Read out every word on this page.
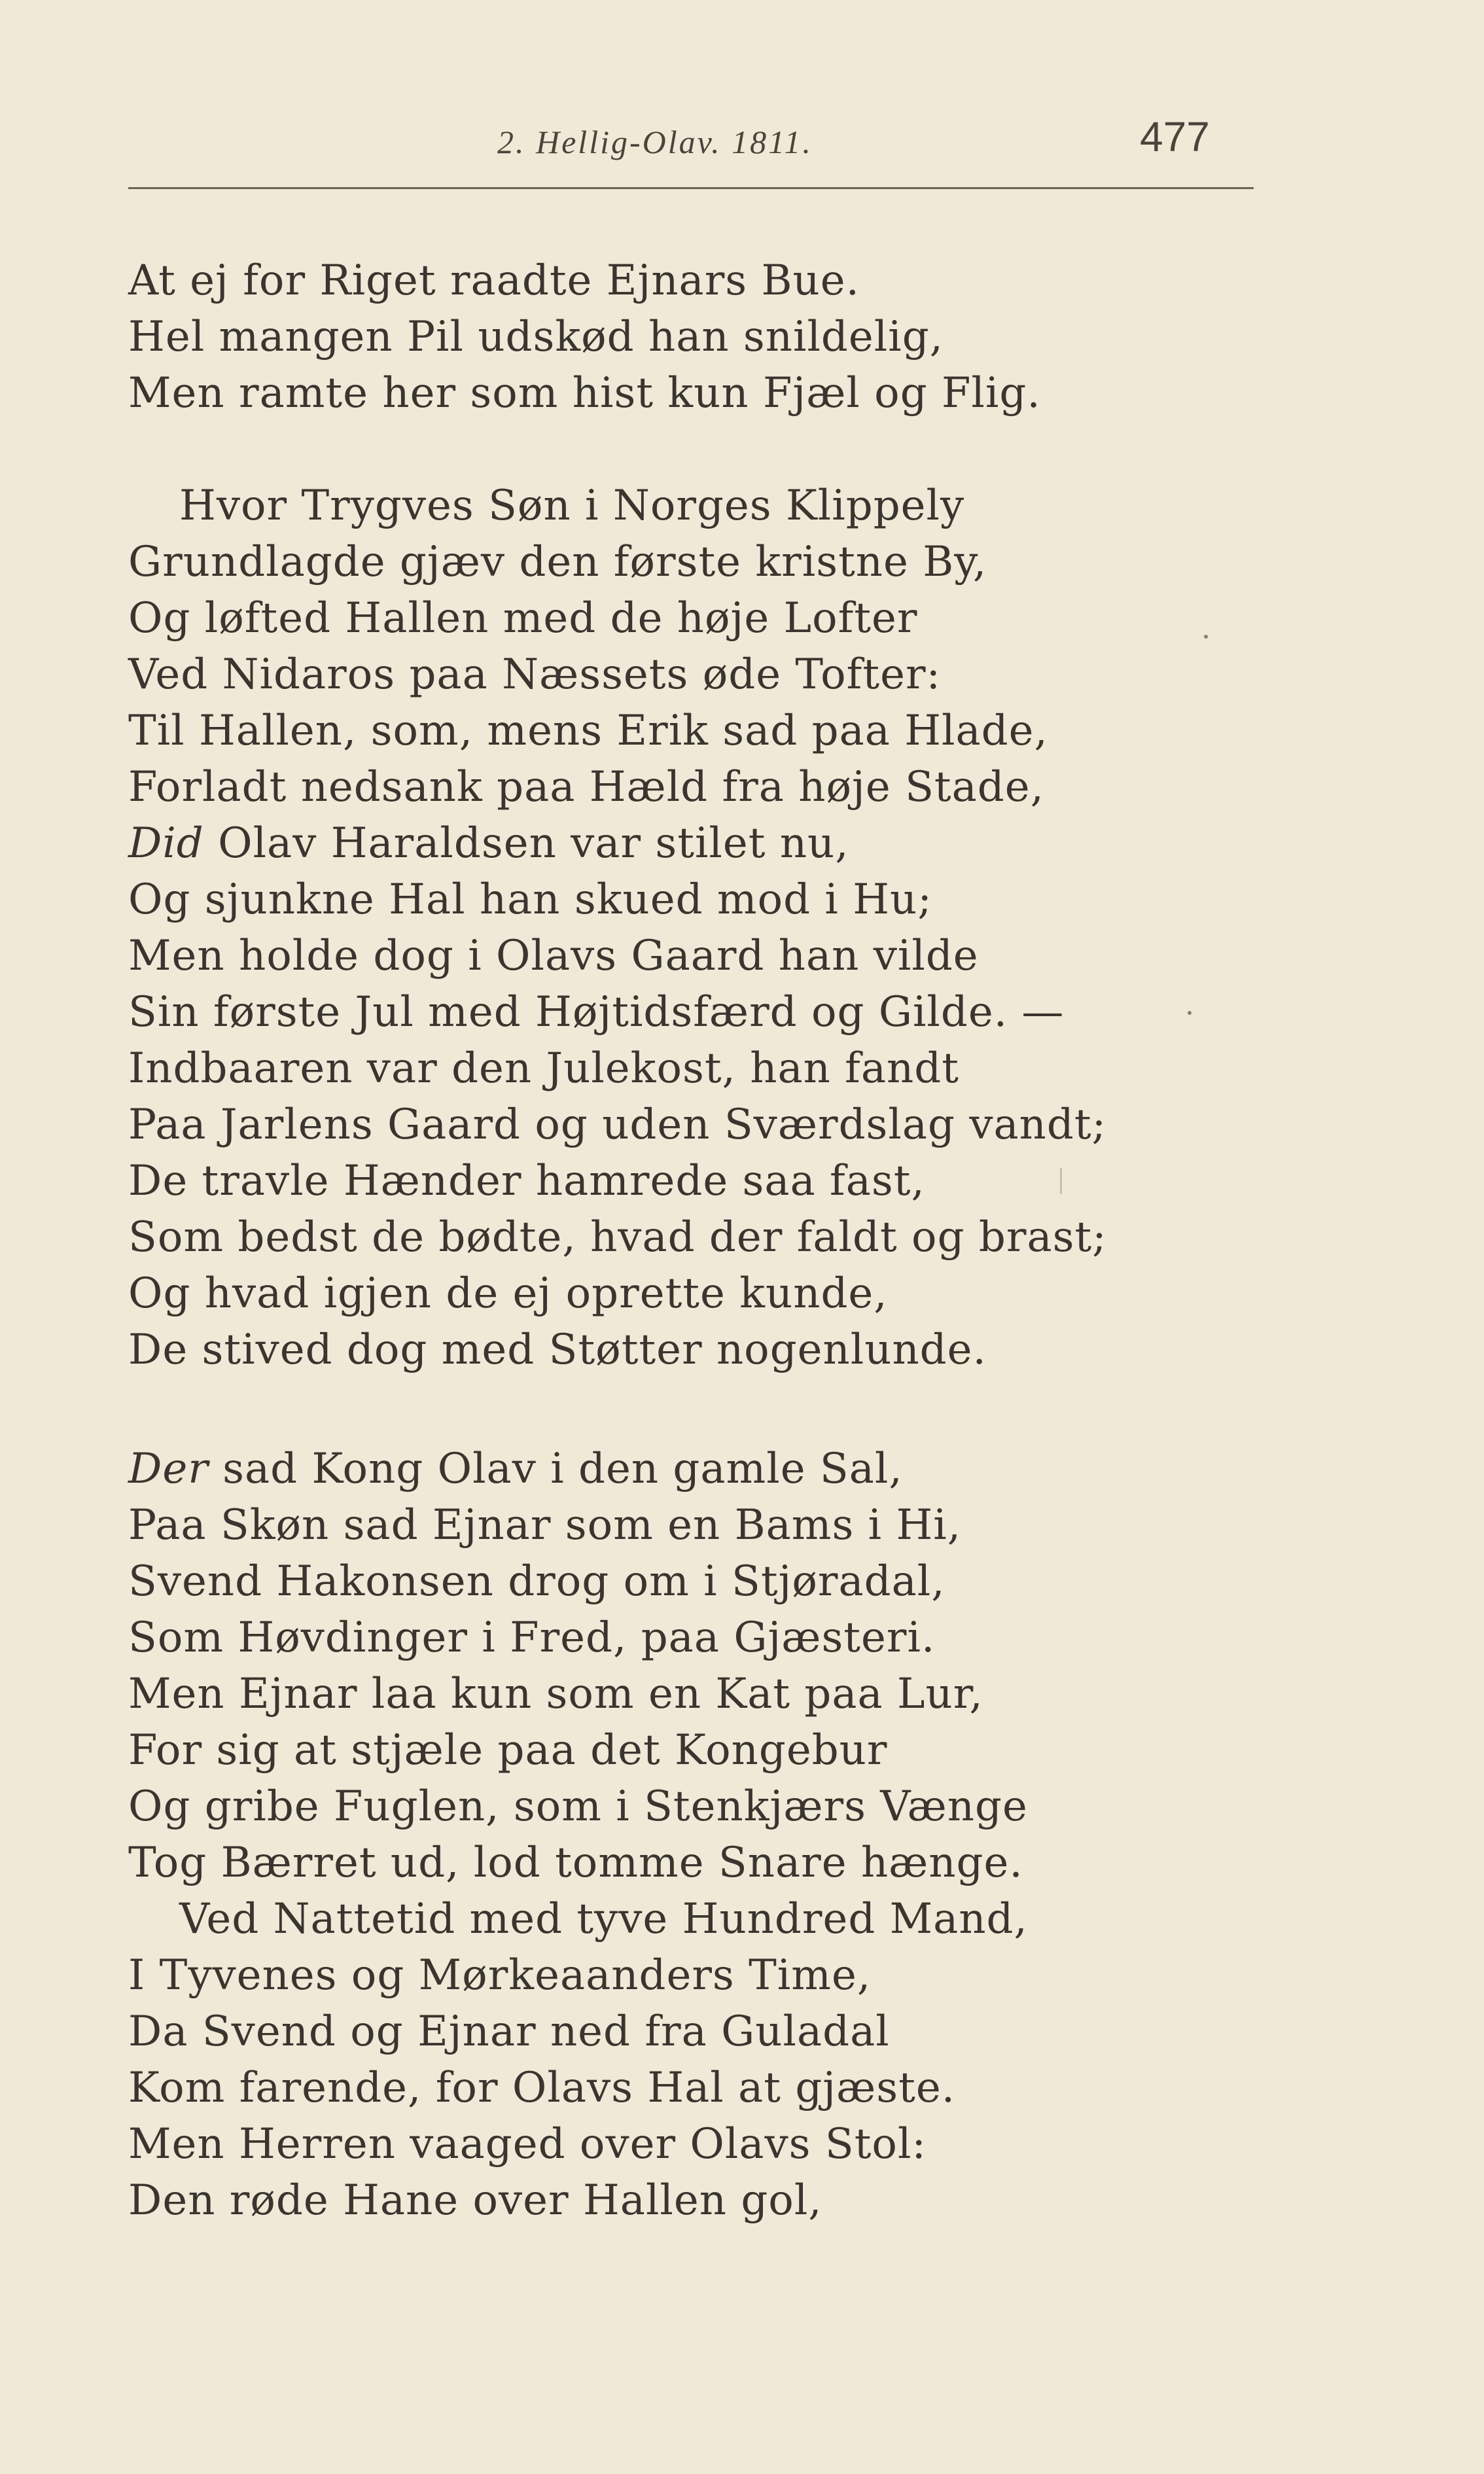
2. Hellig-Olav. 1811.	477
At ej for Riget raadte Ejnars Bue.
Hel mangen Pil udskød han snildelig,
Men ramte her som hist kun Fjæl og Flig.
Hvor Trygves Søn i Norges Klippely
Grundlagde gjæv den første kristne By,
Og løfted Hallen med de høje Lofter
Ved Nidaros paa Næssets øde Tofter:
Til Hallen, som, mens Erik sad paa Hlade,
Forladt nedsank paa Hæld fra høje Stade,
Did Olav Haraldsen var stilet nu,
Og sjunkne Hal han skued mod i Hu;
Men holde dog i Olavs Gaard han vilde
Sin første Jul med Højtidsfærd og Gilde. —
Indbaaren var den Julekost, han fandt
Paa Jarlens Gaard og uden Sværdslag vandt;
De travle Hænder hamrede saa fast,
Som bedst de bødte, hvad der faldt og brast;
Og hvad igjen de ej oprette kunde,
De stived dog med Støtter nogenlunde.
Der sad Kong Olav i den gamle Sal,
Paa Skøn sad Ejnar som en Bams i Hi,
Svend Hakonsen drog om i Stjøradal,
Som Høvdinger i Fred, paa Gjæsteri.
Men Ejnar laa kun som en Kat paa Lur,
For sig at stjæle paa det Kongebur
Og gribe Fuglen, som i Stenkjærs Vænge
Tog Bærret ud, lod tomme Snare hænge.
Ved Nattetid med tyve Hundred Mand,
I Tyvenes og Mørkeaanders Time,
Da Svend og Ejnar ned fra Guladal
Kom farende, for Olavs Hal at gjæste.
Men Herren vaaged over Olavs Stol:
Den røde Hane over Hallen gol,
